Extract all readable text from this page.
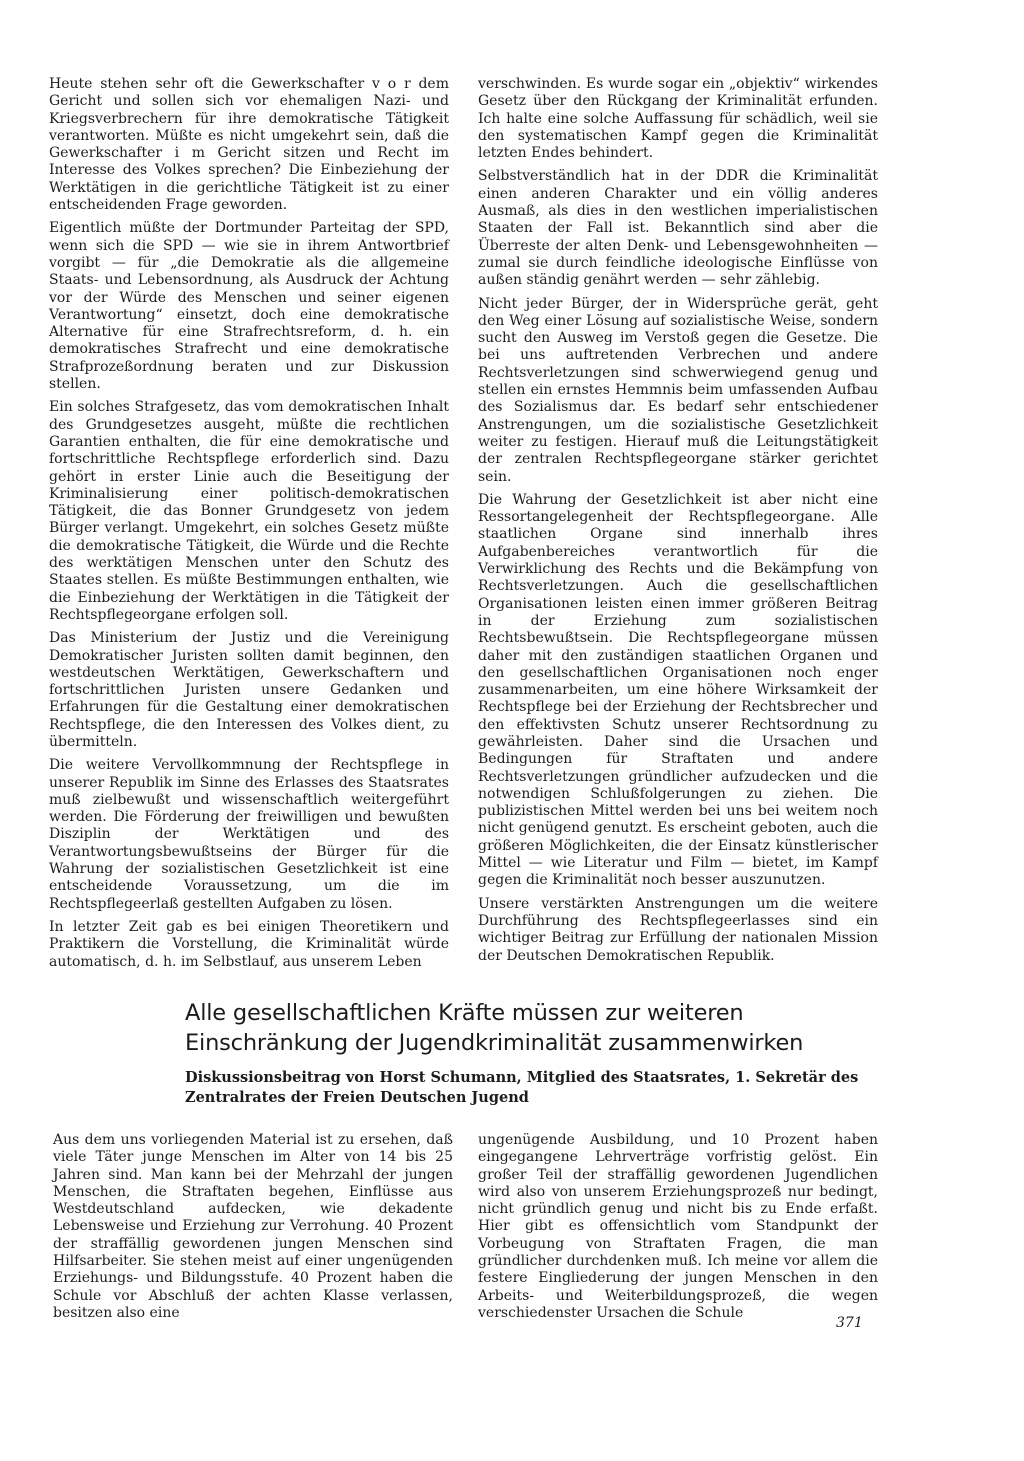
Heute stehen sehr oft die Gewerkschafter v o r dem Gericht und sollen sich vor ehemaligen Nazi- und Kriegsverbrechern für ihre demokratische Tätigkeit verantworten. Müßte es nicht umgekehrt sein, daß die Gewerkschafter i m Gericht sitzen und Recht im Interesse des Volkes sprechen? Die Einbeziehung der Werktätigen in die gerichtliche Tätigkeit ist zu einer entscheidenden Frage geworden.

Eigentlich müßte der Dortmunder Parteitag der SPD, wenn sich die SPD — wie sie in ihrem Antwortbrief vorgibt — für „die Demokratie als die allgemeine Staats- und Lebensordnung, als Ausdruck der Achtung vor der Würde des Menschen und seiner eigenen Verantwortung“ einsetzt, doch eine demokratische Alternative für eine Strafrechtsreform, d. h. ein demokratisches Strafrecht und eine demokratische Strafprozeßordnung beraten und zur Diskussion stellen.

Ein solches Strafgesetz, das vom demokratischen Inhalt des Grundgesetzes ausgeht, müßte die rechtlichen Garantien enthalten, die für eine demokratische und fortschrittliche Rechtspflege erforderlich sind. Dazu gehört in erster Linie auch die Beseitigung der Kriminalisierung einer politisch-demokratischen Tätigkeit, die das Bonner Grundgesetz von jedem Bürger verlangt. Umgekehrt, ein solches Gesetz müßte die demokratische Tätigkeit, die Würde und die Rechte des werktätigen Menschen unter den Schutz des Staates stellen. Es müßte Bestimmungen enthalten, wie die Einbeziehung der Werktätigen in die Tätigkeit der Rechtspflegeorgane erfolgen soll.

Das Ministerium der Justiz und die Vereinigung Demokratischer Juristen sollten damit beginnen, den westdeutschen Werktätigen, Gewerkschaftern und fortschrittlichen Juristen unsere Gedanken und Erfahrungen für die Gestaltung einer demokratischen Rechtspflege, die den Interessen des Volkes dient, zu übermitteln.

Die weitere Vervollkommnung der Rechtspflege in unserer Republik im Sinne des Erlasses des Staatsrates muß zielbewußt und wissenschaftlich weitergeführt werden. Die Förderung der freiwilligen und bewußten Disziplin der Werktätigen und des Verantwortungsbewußtseins der Bürger für die Wahrung der sozialistischen Gesetzlichkeit ist eine entscheidende Voraussetzung, um die im Rechtspflegeerlaß gestellten Aufgaben zu lösen.

In letzter Zeit gab es bei einigen Theoretikern und Praktikern die Vorstellung, die Kriminalität würde automatisch, d. h. im Selbstlauf, aus unserem Leben

verschwinden. Es wurde sogar ein „objektiv“ wirkendes Gesetz über den Rückgang der Kriminalität erfunden. Ich halte eine solche Auffassung für schädlich, weil sie den systematischen Kampf gegen die Kriminalität letzten Endes behindert.

Selbstverständlich hat in der DDR die Kriminalität einen anderen Charakter und ein völlig anderes Ausmaß, als dies in den westlichen imperialistischen Staaten der Fall ist. Bekanntlich sind aber die Überreste der alten Denk- und Lebensgewohnheiten — zumal sie durch feindliche ideologische Einflüsse von außen ständig genährt werden — sehr zählebig.

Nicht jeder Bürger, der in Widersprüche gerät, geht den Weg einer Lösung auf sozialistische Weise, sondern sucht den Ausweg im Verstoß gegen die Gesetze. Die bei uns auftretenden Verbrechen und andere Rechtsverletzungen sind schwerwiegend genug und stellen ein ernstes Hemmnis beim umfassenden Aufbau des Sozialismus dar. Es bedarf sehr entschiedener Anstrengungen, um die sozialistische Gesetzlichkeit weiter zu festigen. Hierauf muß die Leitungstätigkeit der zentralen Rechtspflegeorgane stärker gerichtet sein.

Die Wahrung der Gesetzlichkeit ist aber nicht eine Ressortangelegenheit der Rechtspflegeorgane. Alle staatlichen Organe sind innerhalb ihres Aufgabenbereiches verantwortlich für die Verwirklichung des Rechts und die Bekämpfung von Rechtsverletzungen. Auch die gesellschaftlichen Organisationen leisten einen immer größeren Beitrag in der Erziehung zum sozialistischen Rechtsbewußtsein. Die Rechtspflegeorgane müssen daher mit den zuständigen staatlichen Organen und den gesellschaftlichen Organisationen noch enger zusammenarbeiten, um eine höhere Wirksamkeit der Rechtspflege bei der Erziehung der Rechtsbrecher und den effektivsten Schutz unserer Rechtsordnung zu gewährleisten. Daher sind die Ursachen und Bedingungen für Straftaten und andere Rechtsverletzungen gründlicher aufzudecken und die notwendigen Schlußfolgerungen zu ziehen. Die publizistischen Mittel werden bei uns bei weitem noch nicht genügend genutzt. Es erscheint geboten, auch die größeren Möglichkeiten, die der Einsatz künstlerischer Mittel — wie Literatur und Film — bietet, im Kampf gegen die Kriminalität noch besser auszunutzen.

Unsere verstärkten Anstrengungen um die weitere Durchführung des Rechtspflegeerlasses sind ein wichtiger Beitrag zur Erfüllung der nationalen Mission der Deutschen Demokratischen Republik.

Alle gesellschaftlichen Kräfte müssen zur weiteren Einschränkung der Jugendkriminalität zusammenwirken

Diskussionsbeitrag von Horst Schumann, Mitglied des Staatsrates, 1. Sekretär des Zentralrates der Freien Deutschen Jugend

Aus dem uns vorliegenden Material ist zu ersehen, daß viele Täter junge Menschen im Alter von 14 bis 25 Jahren sind. Man kann bei der Mehrzahl der jungen Menschen, die Straftaten begehen, Einflüsse aus Westdeutschland aufdecken, wie dekadente Lebensweise und Erziehung zur Verrohung. 40 Prozent der straffällig gewordenen jungen Menschen sind Hilfsarbeiter. Sie stehen meist auf einer ungenügenden Erziehungs- und Bildungsstufe. 40 Prozent haben die Schule vor Abschluß der achten Klasse verlassen, besitzen also eine

ungenügende Ausbildung, und 10 Prozent haben eingegangene Lehrverträge vorfristig gelöst. Ein großer Teil der straffällig gewordenen Jugendlichen wird also von unserem Erziehungsprozeß nur bedingt, nicht gründlich genug und nicht bis zu Ende erfaßt. Hier gibt es offensichtlich vom Standpunkt der Vorbeugung von Straftaten Fragen, die man gründlicher durchdenken muß. Ich meine vor allem die festere Eingliederung der jungen Menschen in den Arbeits- und Weiterbildungsprozeß, die wegen verschiedenster Ursachen die Schule

371
